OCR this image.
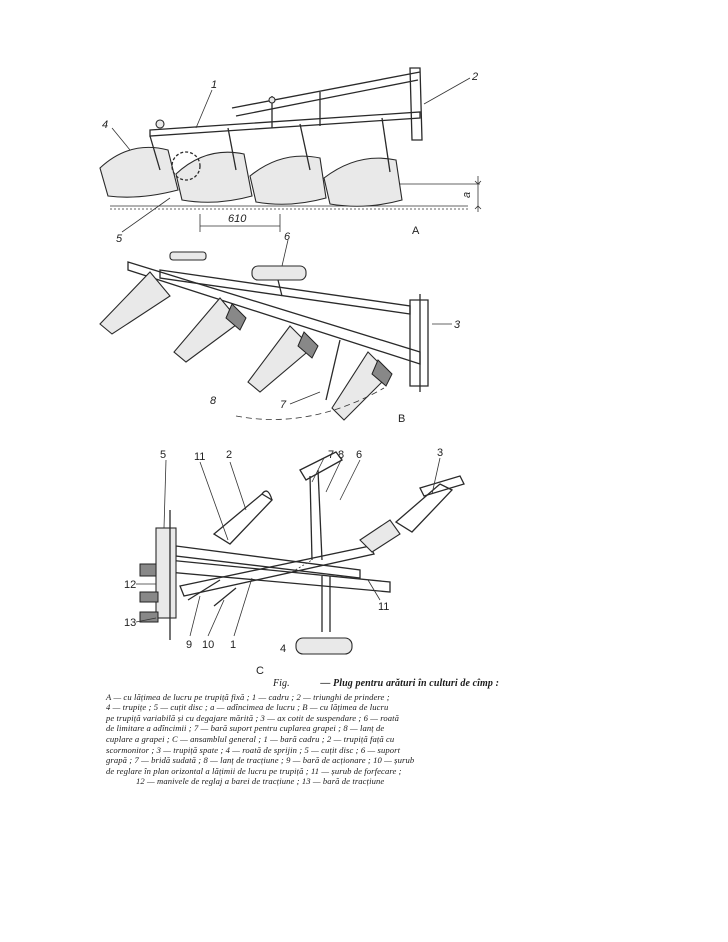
610
a
1
2
4
5
A
6
3
8	7
B
5	11 2	7 8 6	3
12
13
9 10 1
11
4
C
Fig.	— Plug pentru arături în culturi de cîmp :
A — cu lățimea de lucru pe trupiță fixă ; 1 — cadru ; 2 — triunghi de prindere ;
4 — trupițe ; 5 — cuțit disc ; a — adîncimea de lucru ; B — cu lățimea de lucru
pe trupiță variabilă și cu degajare mărită ; 3 — ax cotit de suspendare ; 6 — roată
de limitare a adîncimii ; 7 — bară suport pentru cuplarea grapei ; 8 — lanț de
cuplare a grapei ; C — ansamblul general ; 1 — bară cadru ; 2 — trupiță față cu
scormonitor ; 3 — trupiță spate ; 4 — roată de sprijin ; 5 — cuțit disc ; 6 — suport
grapă ; 7 — bridă sudată ; 8 — lanț de tracțiune ; 9 — bară de acționare ; 10 — șurub
de reglare în plan orizontal a lățimii de lucru pe trupiță ; 11 — șurub de forfecare ;
12 — manivele de reglaj a barei de tracțiune ; 13 — bară de tracțiune
